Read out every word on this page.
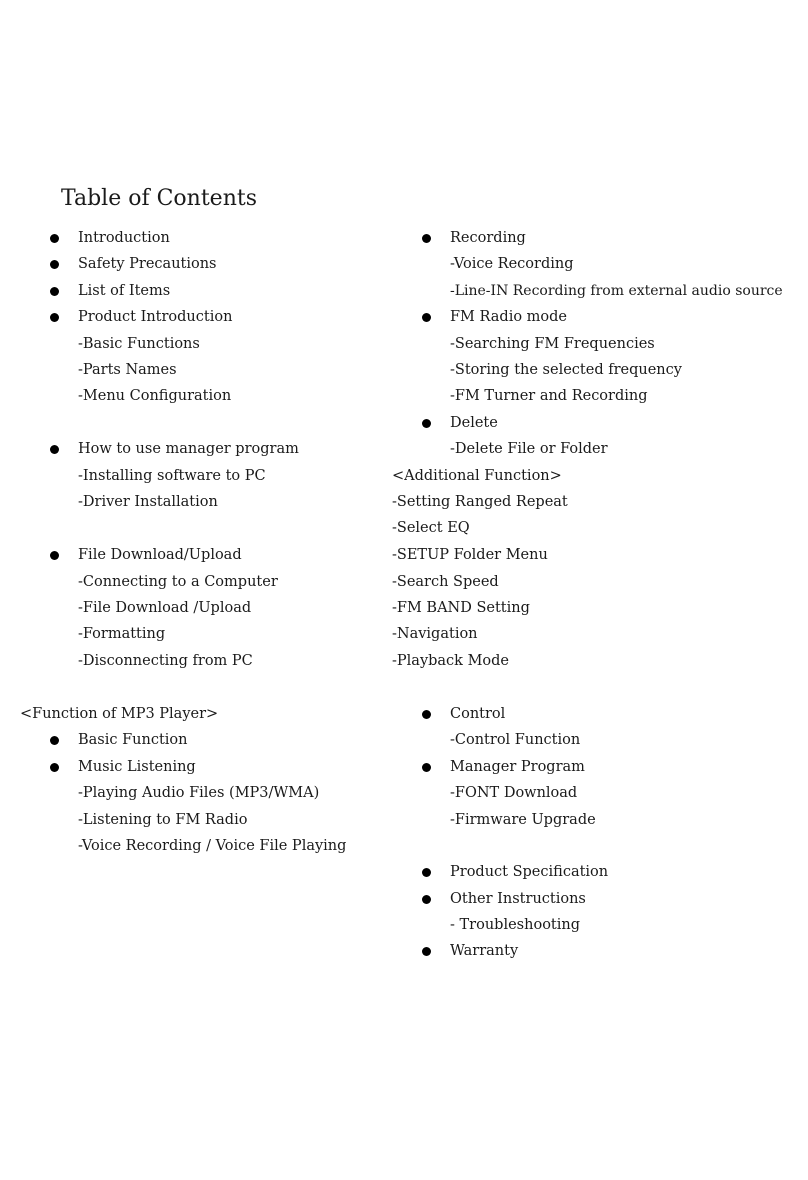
Table of Contents
Introduction
Safety Precautions
List of Items
Product Introduction
-Basic Functions
-Parts Names
-Menu Configuration
How to use manager program
-Installing software to PC
-Driver Installation
File Download/Upload
-Connecting to a Computer
-File Download /Upload
-Formatting
-Disconnecting from PC
<Function of MP3 Player>
Basic Function
Music Listening
-Playing Audio Files (MP3/WMA)
-Listening to FM Radio
-Voice Recording / Voice File Playing
Recording
-Voice Recording
-Line-IN Recording from external audio source
FM Radio mode
-Searching FM Frequencies
-Storing the selected frequency
-FM Turner and Recording
Delete
-Delete File or Folder
<Additional Function>
-Setting Ranged Repeat
-Select EQ
-SETUP Folder Menu
-Search Speed
-FM BAND Setting
-Navigation
-Playback Mode
Control
-Control Function
Manager Program
-FONT Download
-Firmware Upgrade
Product Specification
Other Instructions
- Troubleshooting
Warranty
